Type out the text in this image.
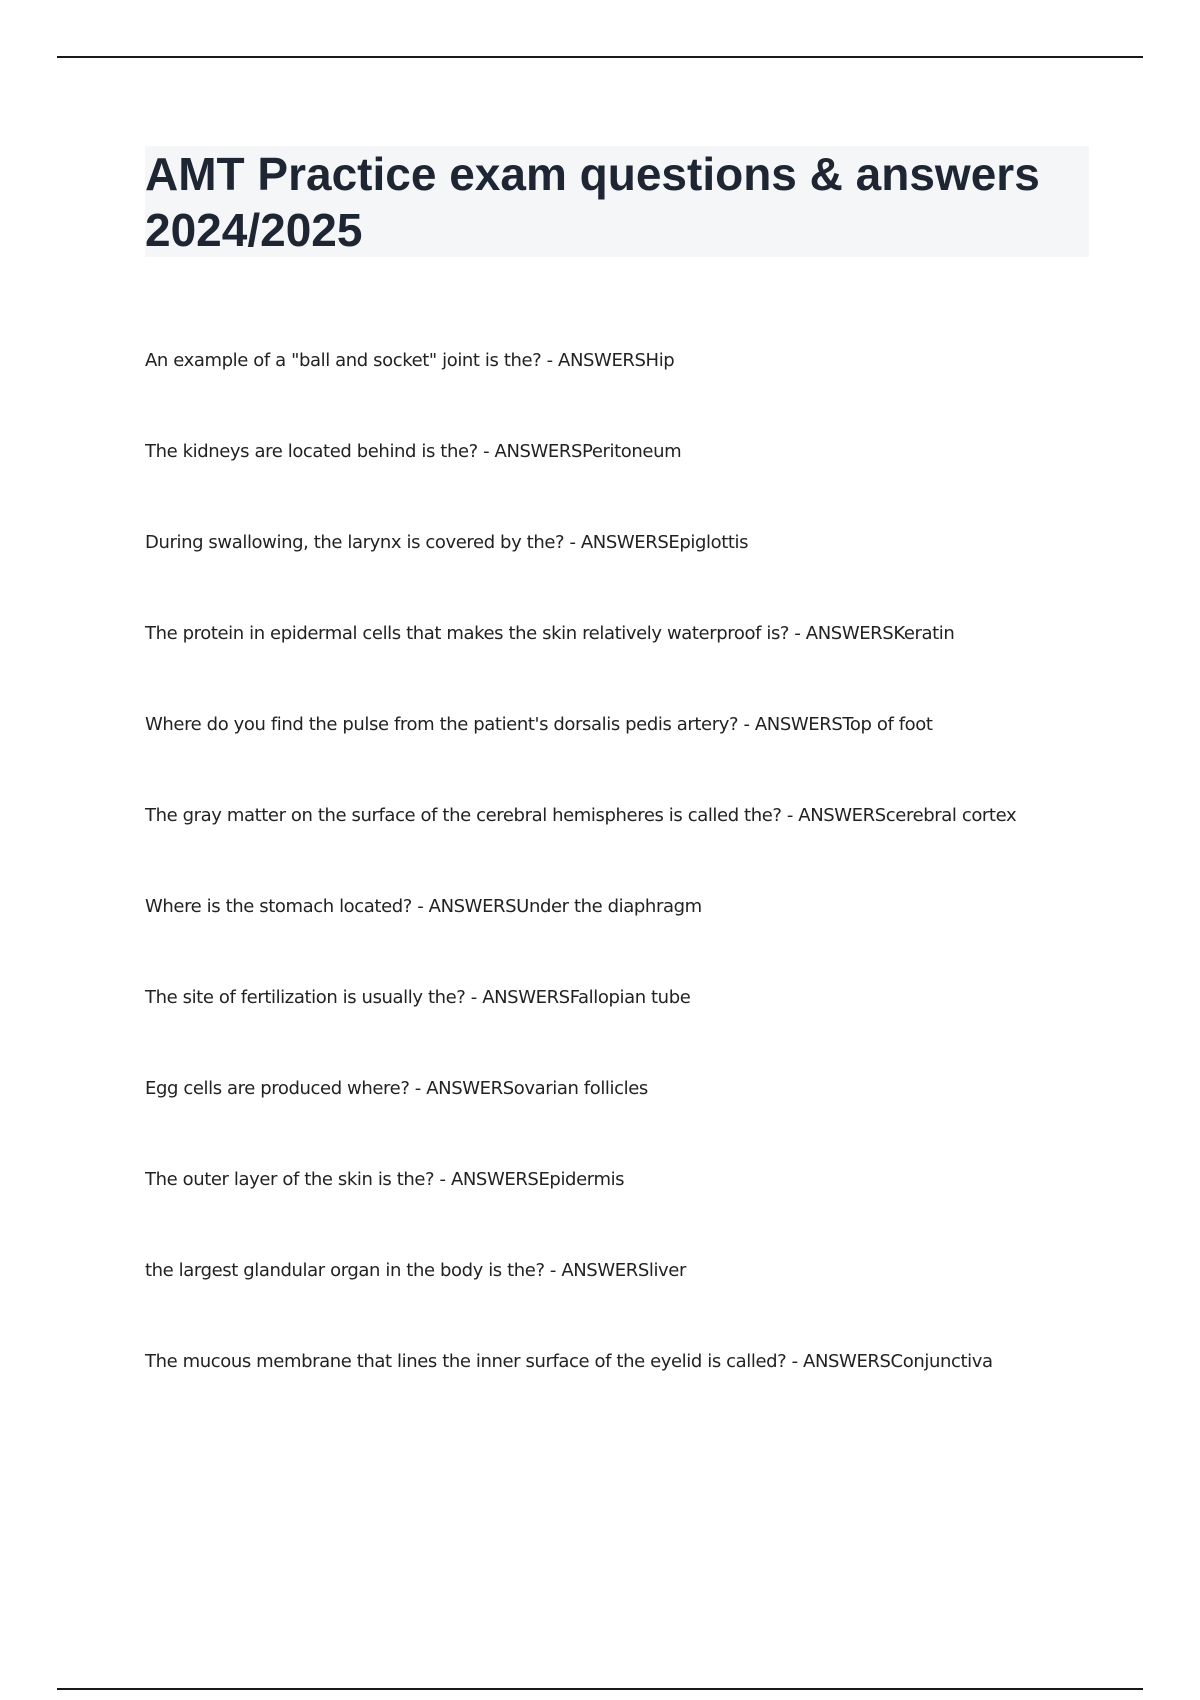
AMT Practice exam questions & answers
2024/2025
An example of a "ball and socket" joint is the? - ANSWERSHip
The kidneys are located behind is the? - ANSWERSPeritoneum
During swallowing, the larynx is covered by the? - ANSWERSEpiglottis
The protein in epidermal cells that makes the skin relatively waterproof is? - ANSWERSKeratin
Where do you find the pulse from the patient's dorsalis pedis artery? - ANSWERSTop of foot
The gray matter on the surface of the cerebral hemispheres is called the? - ANSWERScerebral cortex
Where is the stomach located? - ANSWERSUnder the diaphragm
The site of fertilization is usually the? - ANSWERSFallopian tube
Egg cells are produced where? - ANSWERSovarian follicles
The outer layer of the skin is the? - ANSWERSEpidermis
the largest glandular organ in the body is the? - ANSWERSliver
The mucous membrane that lines the inner surface of the eyelid is called? - ANSWERSConjunctiva
